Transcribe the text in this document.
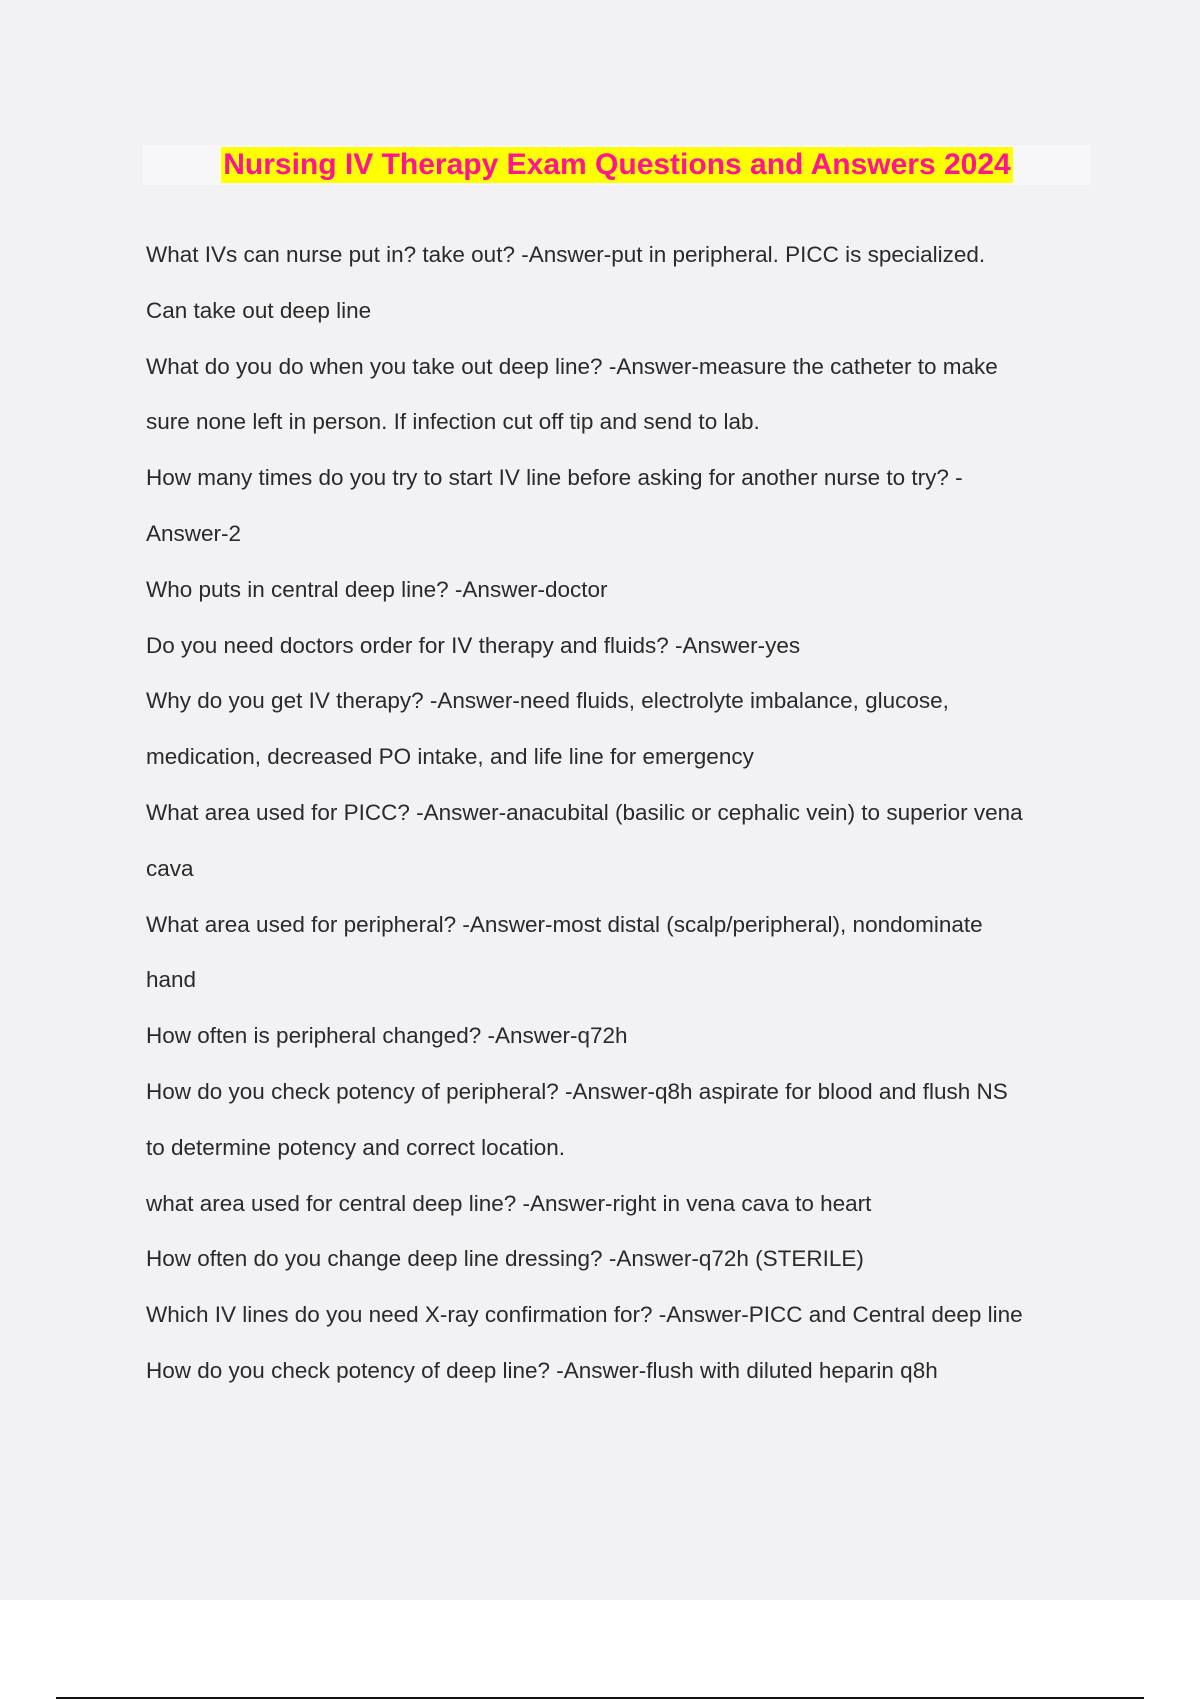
Nursing IV Therapy Exam Questions and Answers 2024

What IVs can nurse put in? take out? -Answer-put in peripheral. PICC is specialized.
Can take out deep line

What do you do when you take out deep line? -Answer-measure the catheter to make
sure none left in person. If infection cut off tip and send to lab.

How many times do you try to start IV line before asking for another nurse to try? -
Answer-2

Who puts in central deep line? -Answer-doctor

Do you need doctors order for IV therapy and fluids? -Answer-yes

Why do you get IV therapy? -Answer-need fluids, electrolyte imbalance, glucose,
medication, decreased PO intake, and life line for emergency

What area used for PICC? -Answer-anacubital (basilic or cephalic vein) to superior vena
cava

What area used for peripheral? -Answer-most distal (scalp/peripheral), nondominate
hand

How often is peripheral changed? -Answer-q72h

How do you check potency of peripheral? -Answer-q8h aspirate for blood and flush NS
to determine potency and correct location.

what area used for central deep line? -Answer-right in vena cava to heart

How often do you change deep line dressing? -Answer-q72h (STERILE)

Which IV lines do you need X-ray confirmation for? -Answer-PICC and Central deep line

How do you check potency of deep line? -Answer-flush with diluted heparin q8h
